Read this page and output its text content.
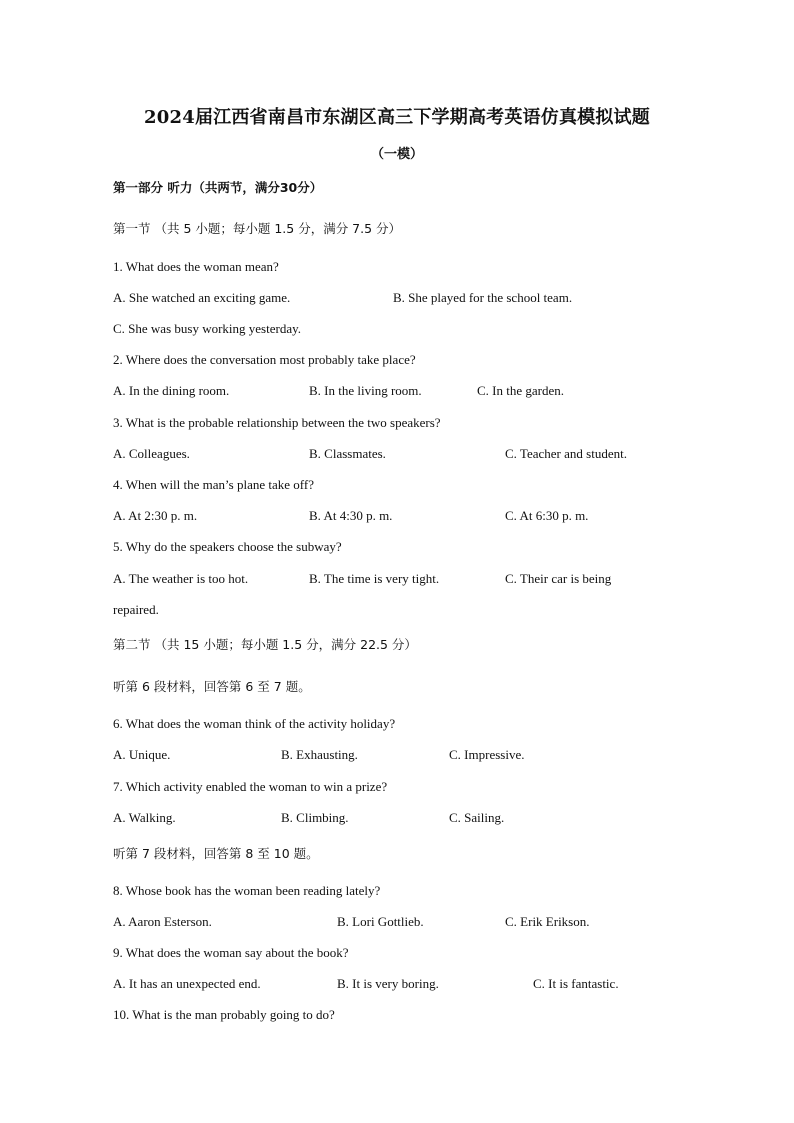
2024届江西省南昌市东湖区高三下学期高考英语仿真模拟试题
（一模）
第一部分 听力（共两节，满分30分）
第一节 （共 5 小题；每小题 1.5 分，满分 7.5 分）
1. What does the woman mean?
A. She watched an exciting game.	B. She played for the school team.
C. She was busy working yesterday.
2. Where does the conversation most probably take place?
A. In the dining room.	B. In the living room.	C. In the garden.
3. What is the probable relationship between the two speakers?
A. Colleagues.	B. Classmates.	C. Teacher and student.
4. When will the man’s plane take off?
A. At 2:30 p. m.	B. At 4:30 p. m.	C. At 6:30 p. m.
5. Why do the speakers choose the subway?
A. The weather is too hot.	B. The time is very tight.	C. Their car is being
repaired.
第二节 （共 15 小题；每小题 1.5 分，满分 22.5 分）
听第 6 段材料，回答第 6 至 7 题。
6. What does the woman think of the activity holiday?
A. Unique.	B. Exhausting.	C. Impressive.
7. Which activity enabled the woman to win a prize?
A. Walking.	B. Climbing.	C. Sailing.
听第 7 段材料，回答第 8 至 10 题。
8. Whose book has the woman been reading lately?
A. Aaron Esterson.	B. Lori Gottlieb.	C. Erik Erikson.
9. What does the woman say about the book?
A. It has an unexpected end.	B. It is very boring.	C. It is fantastic.
10. What is the man probably going to do?
